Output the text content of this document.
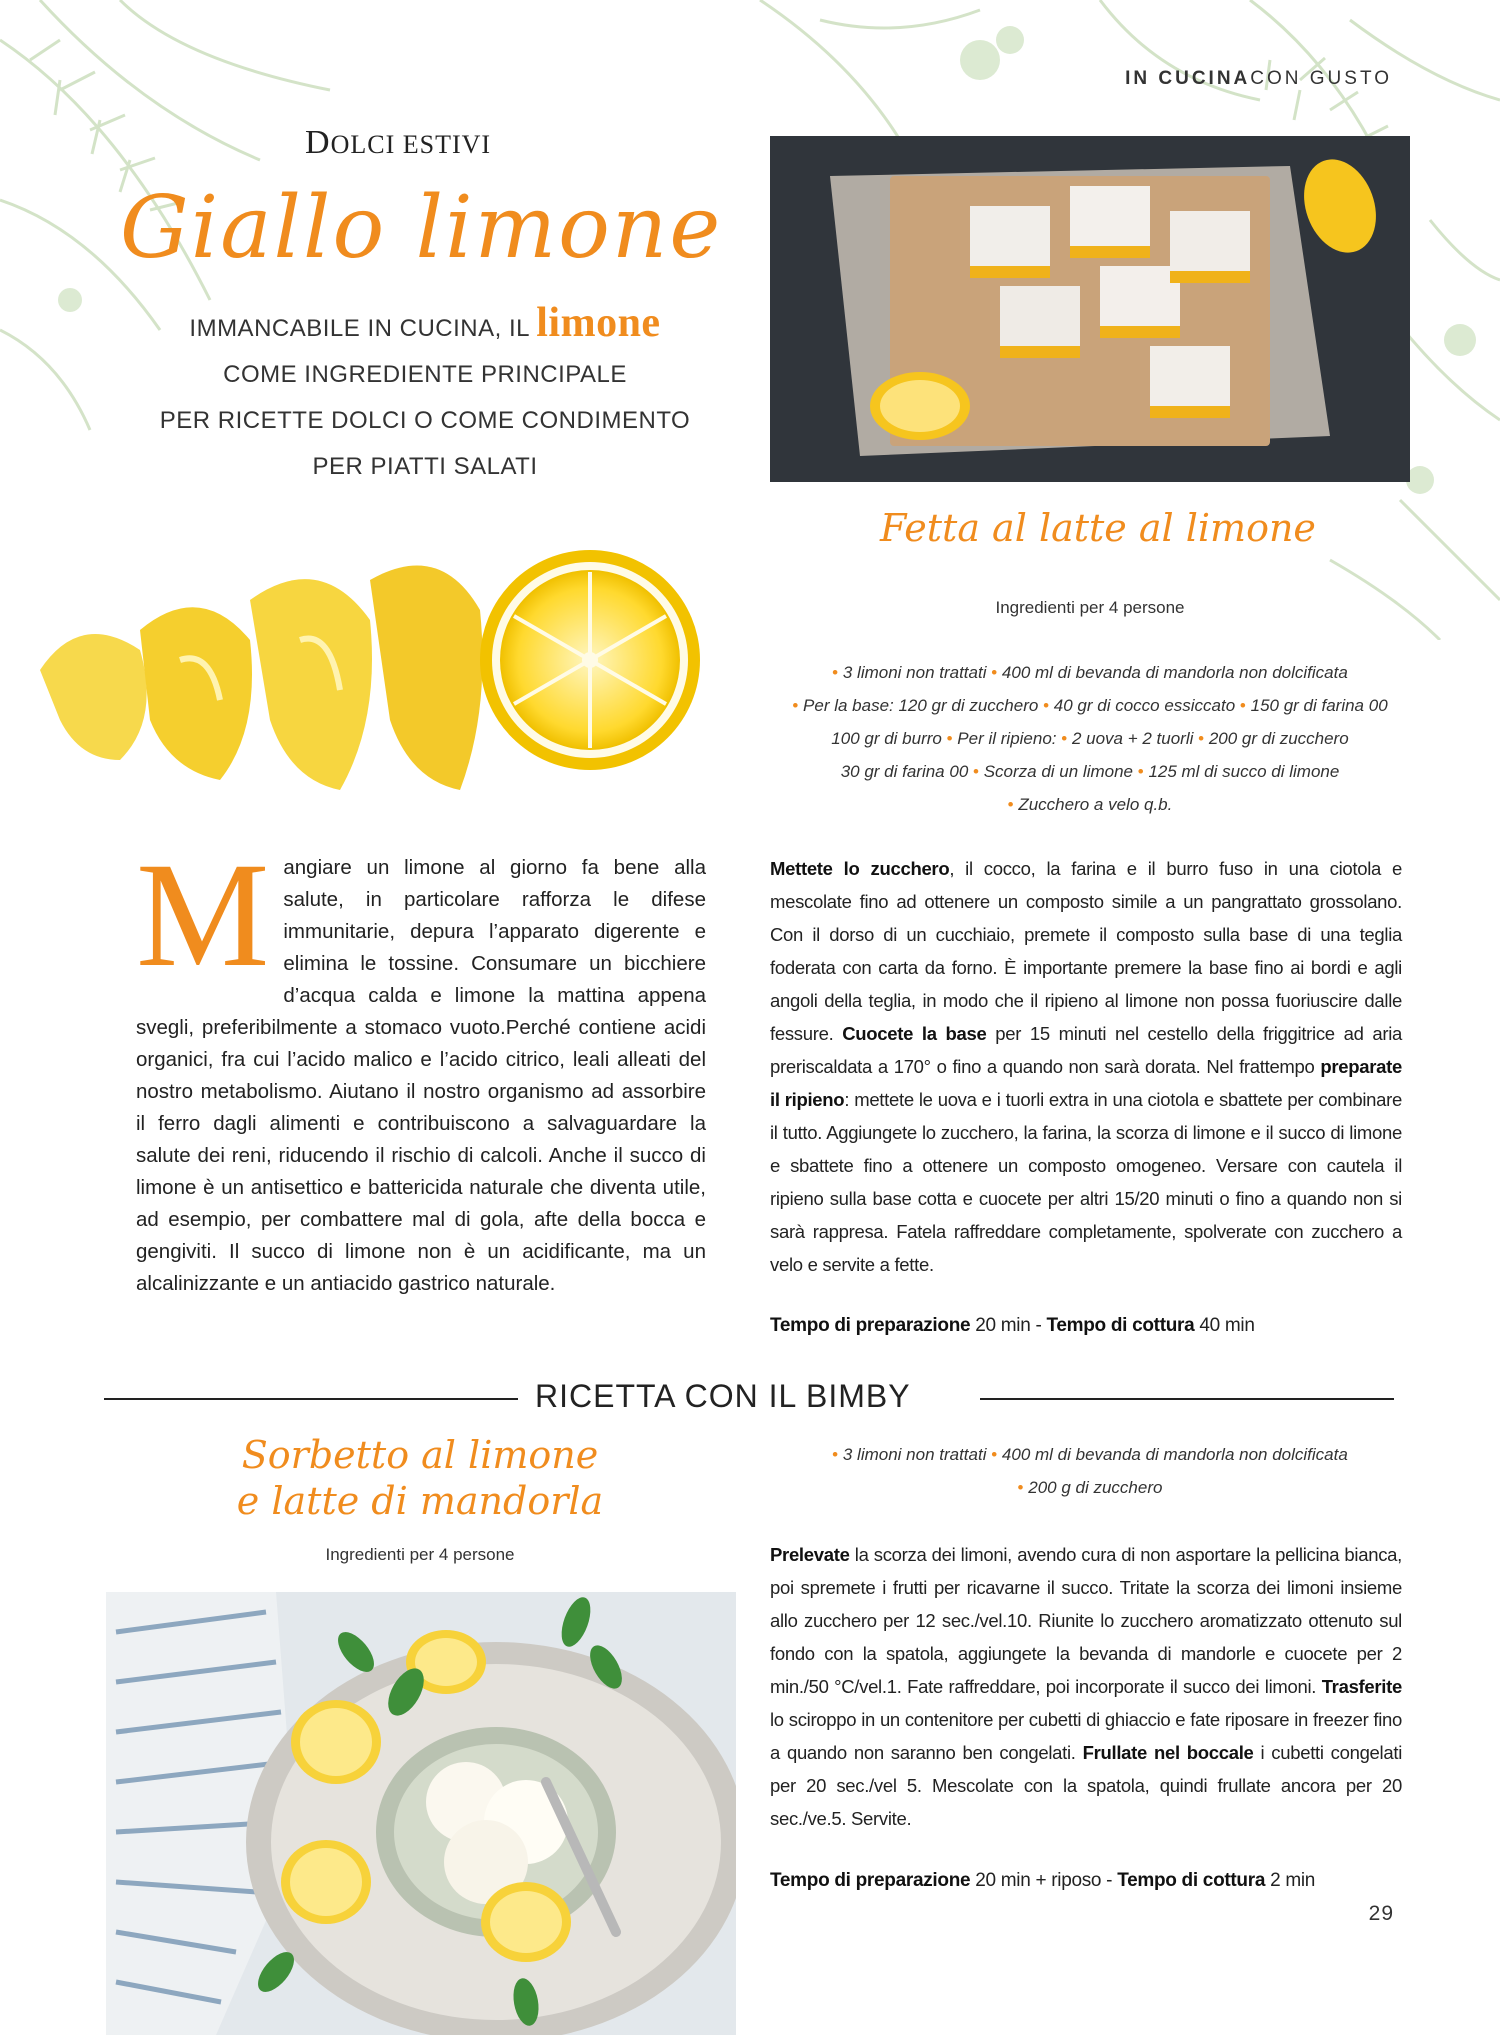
IN CUCINACON GUSTO
DOLCI ESTIVI
Giallo limone
IMMANCABILE IN CUCINA, IL limone
COME INGREDIENTE PRINCIPALE
PER RICETTE DOLCI O COME CONDIMENTO
PER PIATTI SALATI
Fetta al latte al limone
Ingredienti per 4 persone
• 3 limoni non trattati • 400 ml di bevanda di mandorla non dolcificata
• Per la base: 120 gr di zucchero • 40 gr di cocco essiccato • 150 gr di farina 00
100 gr di burro • Per il ripieno: • 2 uova + 2 tuorli • 200 gr di zucchero
30 gr di farina 00 • Scorza di un limone • 125 ml di succo di limone
• Zucchero a velo q.b.
Mangiare un limone al giorno fa bene alla salute, in particolare rafforza le difese immunitarie, depura l’apparato digerente e elimina le tossine. Consumare un bicchiere d’acqua calda e limone la mattina appena svegli, preferibilmente a stomaco vuoto.Perché contiene acidi organici, fra cui l’acido malico e l’acido citrico, leali alleati del nostro metabolismo. Aiutano il nostro organismo ad assorbire il ferro dagli alimenti e contribuiscono a salvaguardare la salute dei reni, riducendo il rischio di calcoli. Anche il succo di limone è un antisettico e battericida naturale che diventa utile, ad esempio, per combattere mal di gola, afte della bocca e gengiviti. Il succo di limone non è un acidificante, ma un alcalinizzante e un antiacido gastrico naturale.
Mettete lo zucchero, il cocco, la farina e il burro fuso in una ciotola e mescolate fino ad ottenere un composto simile a un pangrattato grossolano. Con il dorso di un cucchiaio, premete il composto sulla base di una teglia foderata con carta da forno. È importante premere la base fino ai bordi e agli angoli della teglia, in modo che il ripieno al limone non possa fuoriuscire dalle fessure. Cuocete la base per 15 minuti nel cestello della friggitrice ad aria preriscaldata a 170° o fino a quando non sarà dorata. Nel frattempo preparate il ripieno: mettete le uova e i tuorli extra in una ciotola e sbattete per combinare il tutto. Aggiungete lo zucchero, la farina, la scorza di limone e il succo di limone e sbattete fino a ottenere un composto omogeneo. Versare con cautela il ripieno sulla base cotta e cuocete per altri 15/20 minuti o fino a quando non si sarà rappresa. Fatela raffreddare completamente, spolverate con zucchero a velo e servite a fette.
Tempo di preparazione 20 min - Tempo di cottura 40 min
RICETTA CON IL BIMBY
Sorbetto al limone
e latte di mandorla
Ingredienti per 4 persone
• 3 limoni non trattati • 400 ml di bevanda di mandorla non dolcificata
• 200 g di zucchero
Prelevate la scorza dei limoni, avendo cura di non asportare la pellicina bianca, poi spremete i frutti per ricavarne il succo. Tritate la scorza dei limoni insieme allo zucchero per 12 sec./vel.10. Riunite lo zucchero aromatizzato ottenuto sul fondo con la spatola, aggiungete la bevanda di mandorle e cuocete per 2 min./50 °C/vel.1. Fate raffreddare, poi incorporate il succo dei limoni. Trasferite lo sciroppo in un contenitore per cubetti di ghiaccio e fate riposare in freezer fino a quando non saranno ben congelati. Frullate nel boccale i cubetti congelati per 20 sec./vel 5. Mescolate con la spatola, quindi frullate ancora per 20 sec./ve.5. Servite.
Tempo di preparazione 20 min + riposo - Tempo di cottura 2 min
29
